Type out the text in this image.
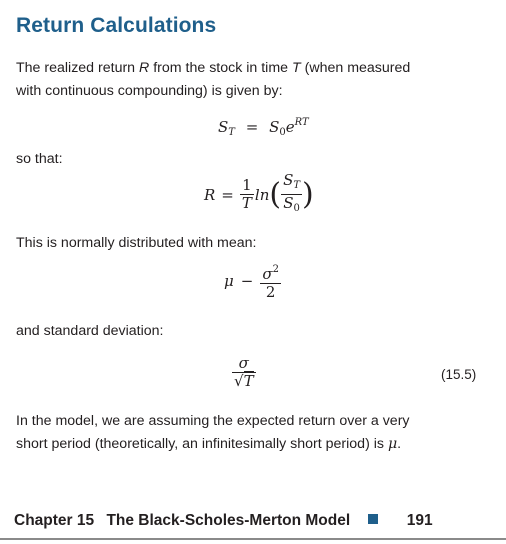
Return Calculations
The realized return R from the stock in time T (when measured
with continuous compounding) is given by:
$S_T = S_0e^{RT}$
so that:
$R = \frac{1}{T}$ ln ( $\frac{S_T}{S_0}$ )
This is normally distributed with mean:
$\mu - \frac{\sigma^2}{2}$
and standard deviation:
$\frac{\sigma}{√T}$	(15.5)
In the model, we are assuming the expected return over a very
short period (theoretically, an infinitesimally short period) is μ.
Chapter 15 The Black-Scholes-Merton Model	191
